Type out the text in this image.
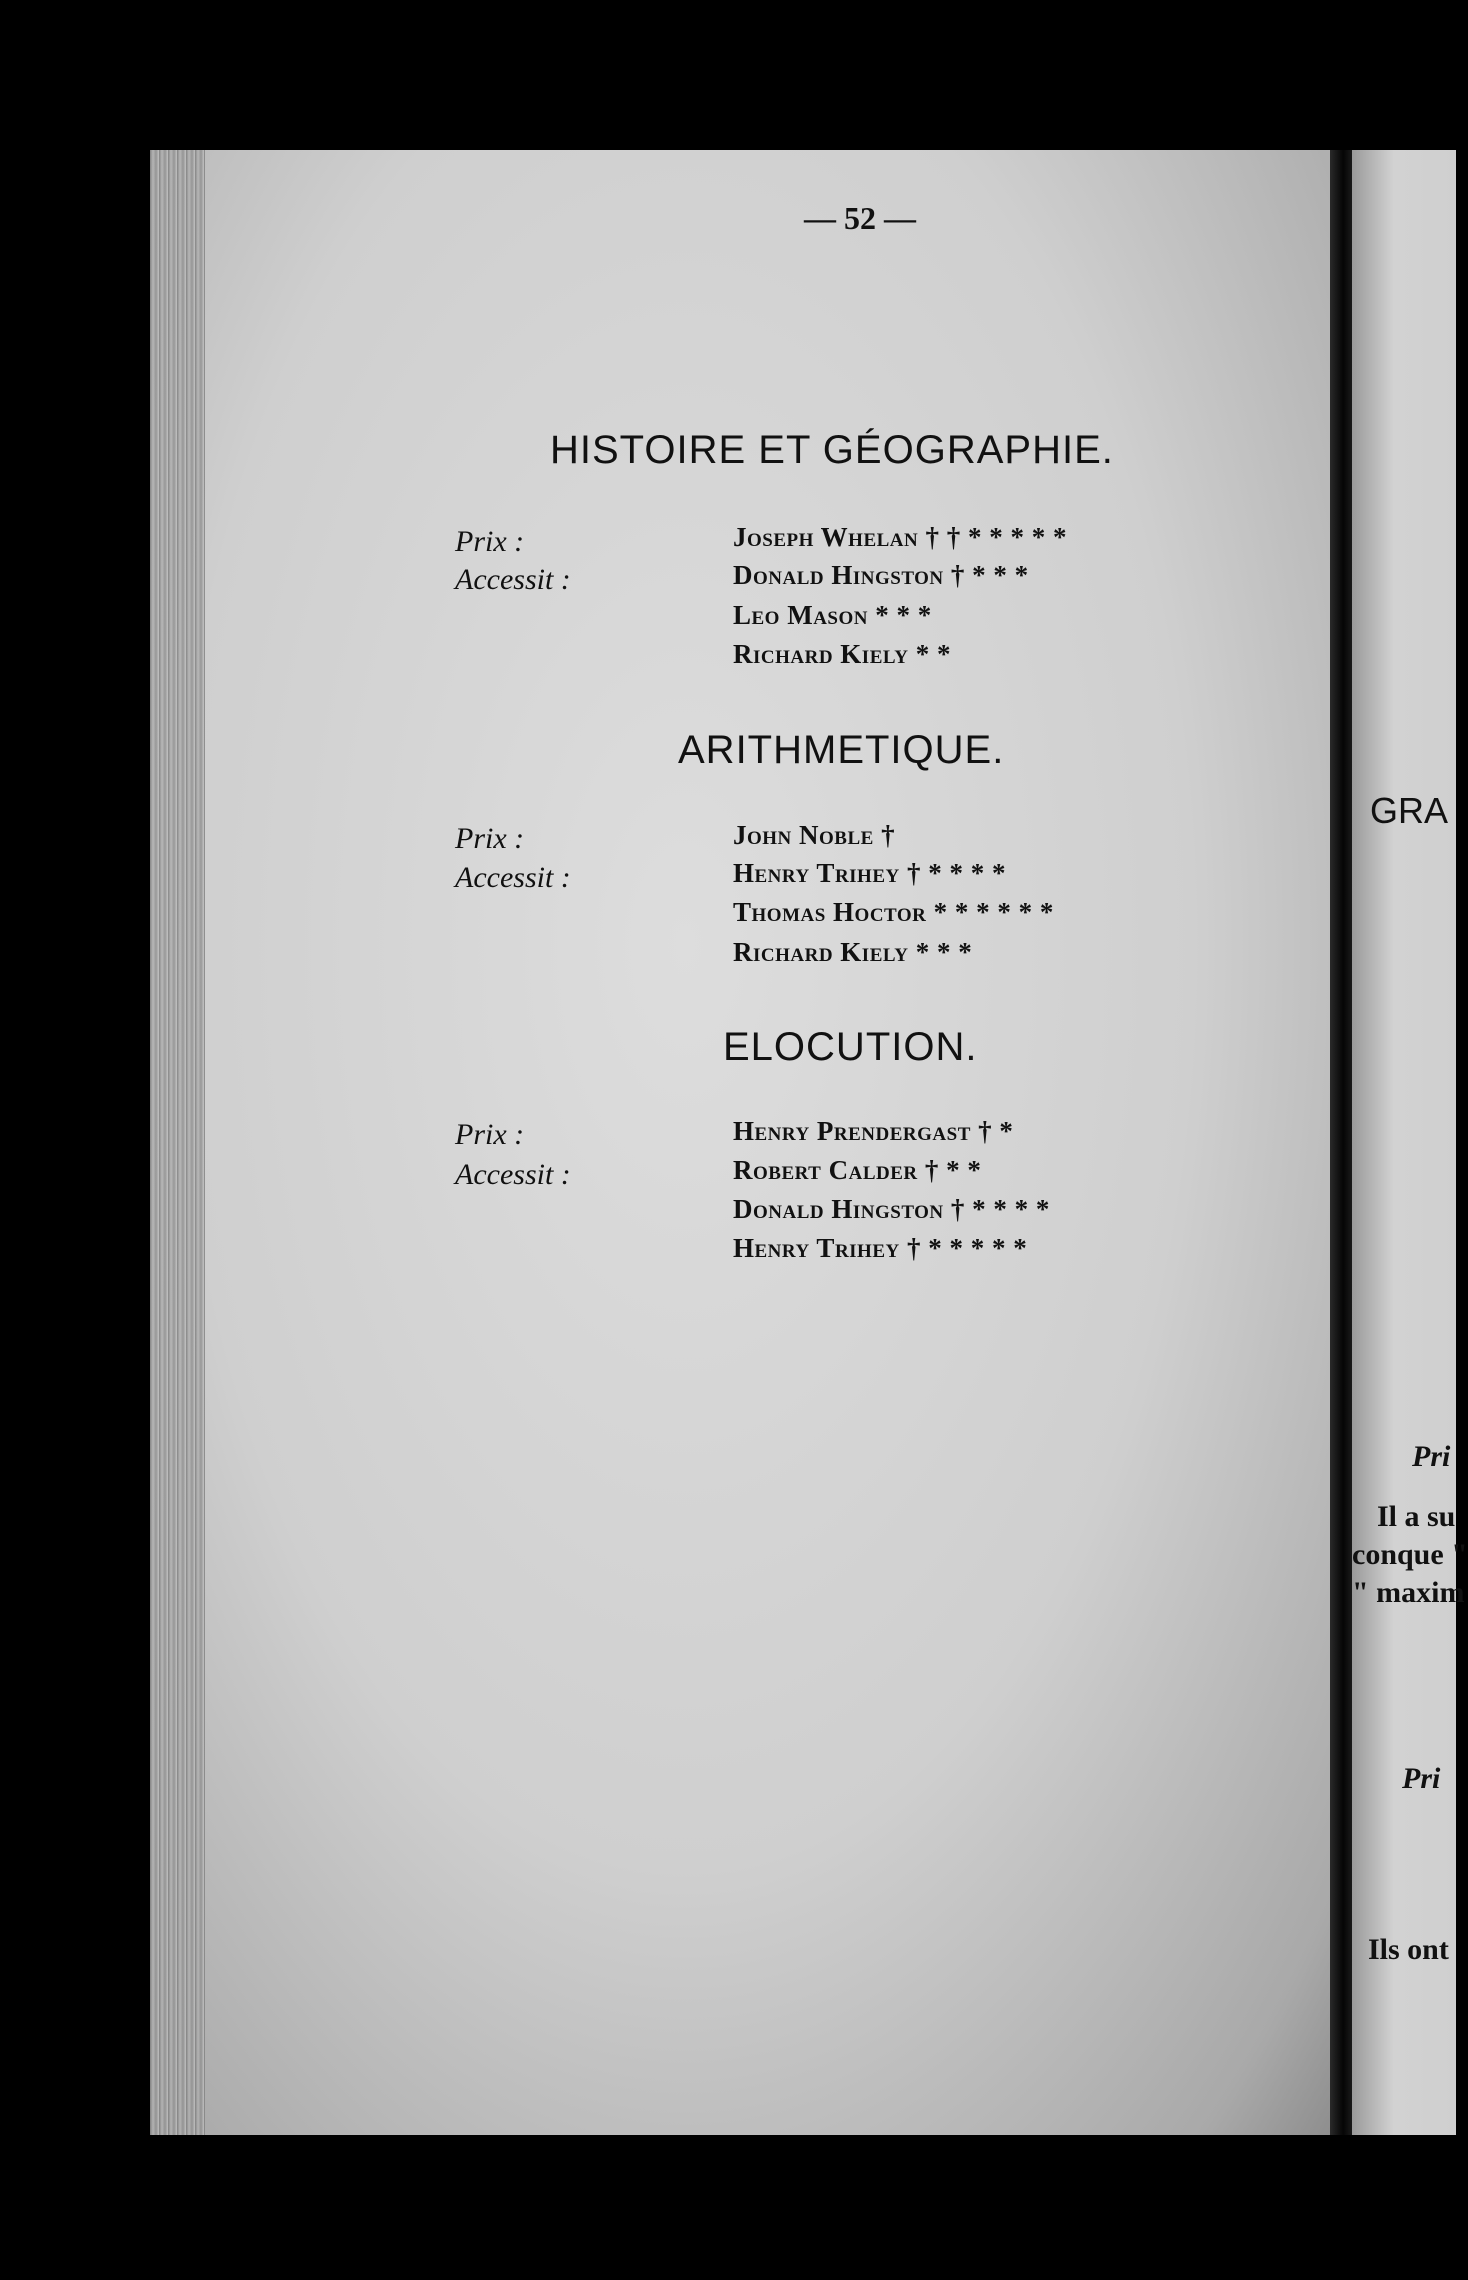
GRA
Pri
Il a su
conque "
" maxim
Pri
Ils ont
— 52 —
HISTOIRE ET GÉOGRAPHIE.
Prix :
Accessit :
Joseph Whelan † † * * * * *
Donald Hingston † * * *
Leo Mason * * *
Richard Kiely * *
ARITHMETIQUE.
Prix :
Accessit :
John Noble †
Henry Trihey † * * * *
Thomas Hoctor * * * * * *
Richard Kiely * * *
ELOCUTION.
Prix :
Accessit :
Henry Prendergast † *
Robert Calder † * *
Donald Hingston † * * * *
Henry Trihey † * * * * *
